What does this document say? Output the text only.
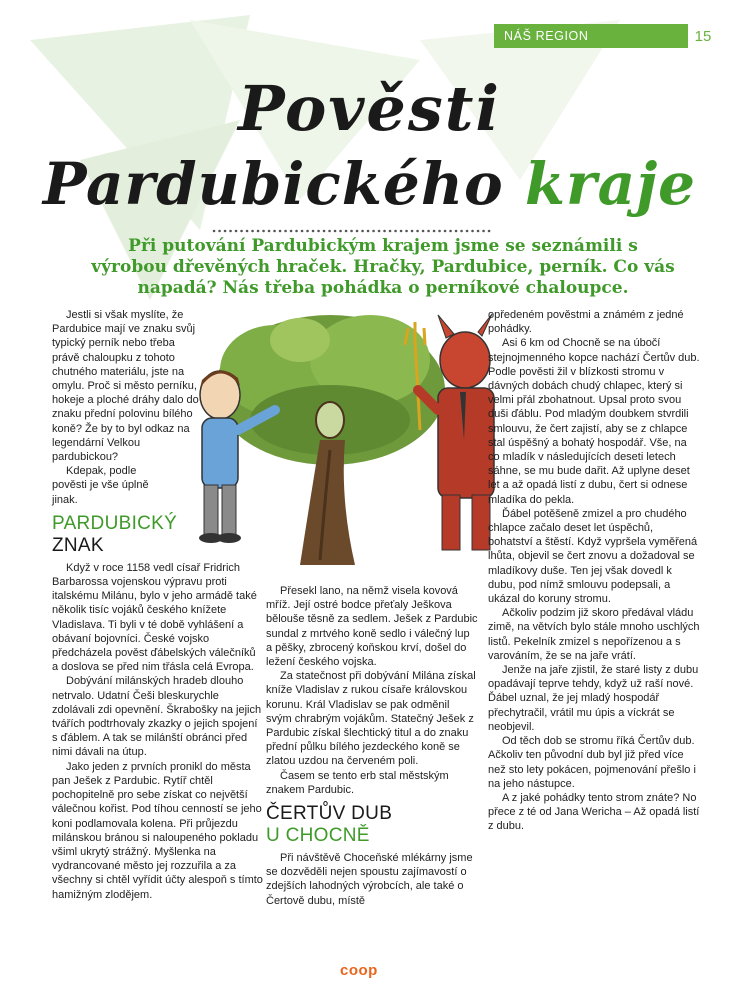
NÁŠ REGION	15
Pověsti
Pardubického kraje
Při putování Pardubickým krajem jsme se seznámili s výrobou dřevěných hraček. Hračky, Pardubice, perník. Co vás napadá? Nás třeba pohádka o perníkové chaloupce.

Jestli si však myslíte, že Pardubice mají ve znaku svůj typický perník nebo třeba právě chaloupku z tohoto chutného materiálu, jste na omylu. Proč si město perníku, hokeje a ploché dráhy dalo do znaku přední polovinu bílého koně? Že by to byl odkaz na legendární Velkou pardubickou?

Kdepak, podle pověsti je vše úplně jinak.

PARDUBICKÝ
ZNAK

Když v roce 1158 vedl císař Fridrich Barbarossa vojenskou výpravu proti italskému Milánu, bylo v jeho armádě také několik tisíc vojáků českého knížete Vladislava. Ti byli v té době vyhlášení a obávaní bojovníci. České vojsko předcházela pověst ďábelských válečníků a doslova se před nim třásla celá Evropa.

Dobývání milánských hradeb dlouho netrvalo. Udatní Češi bleskurychle zdolávali zdi opevnění. Škrabošky na jejich tvářích podtrhovaly zkazky o jejich spojení s ďáblem. A tak se milánští obránci před nimi dávali na útup.

Jako jeden z prvních pronikl do města pan Ješek z Pardubic. Rytíř chtěl pochopitelně pro sebe získat co největší válečnou kořist. Pod tíhou cenností se jeho koni podlamovala kolena. Při průjezdu milánskou bránou si naloupeného pokladu všiml ukrytý strážný. Myšlenka na vydrancované město jej rozzuřila a za všechny si chtěl vyřídit účty alespoň s tímto hamižným zlodějem.

Přesekl lano, na němž visela kovová mříž. Její ostré bodce přeťaly Ješkova běloušе těsně za sedlem. Ješek z Pardubic sundal z mrtvého koně sedlo i válečný lup a pěšky, zbrocený koňskou krví, došel do ležení českého vojska.

Za statečnost při dobývání Milána získal kníže Vladislav z rukou císaře královskou korunu. Král Vladislav se pak odměnil svým chrabrým vojákům. Statečný Ješek z Pardubic získal šlechtický titul a do znaku přední půlku bílého jezdeckého koně se zlatou uzdou na červeném poli.

Časem se tento erb stal městským znakem Pardubic.

ČERTŮV DUB
U CHOCNĚ

Při návštěvě Choceňské mlékárny jsme se dozvěděli nejen spoustu zajímavostí o zdejších lahodných výrobcích, ale také o Čertově dubu, místě

opředeném pověstmi a známém z jedné pohádky.

Asi 6 km od Chocně se na úbočí stejnojmenného kopce nachází Čertův dub. Podle pověsti žil v blízkosti stromu v dávných dobách chudý chlapec, který si velmi přál zbohatnout. Upsal proto svou duši ďáblu. Pod mladým doubkem stvrdili smlouvu, že čert zajistí, aby se z chlapce stal úspěšný a bohatý hospodář. Vše, na co mladík v následujících deseti letech sáhne, se mu bude dařit. Až uplyne deset let a až opadá listí z dubu, čert si odnese mladíka do pekla.

Ďábel potěšeně zmizel a pro chudého chlapce začalo deset let úspěchů, bohatství a štěstí. Když vypršela vyměřená lhůta, objevil se čert znovu a dožadoval se mladíkovy duše. Ten jej však dovedl k dubu, pod nímž smlouvu podepsali, a ukázal do koruny stromu.

Ačkoliv podzim již skoro předával vládu zimě, na větvích bylo stále mnoho uschlých listů. Pekelník zmizel s nepořízenou a s varováním, že se na jaře vrátí.

Jenže na jaře zjistil, že staré listy z dubu opadávají teprve tehdy, když už raší nové. Ďábel uznal, že jej mladý hospodář přechytračil, vrátil mu úpis a víckrát se neobjevil.

Od těch dob se stromu říká Čertův dub. Ačkoliv ten původní dub byl již před více než sto lety pokácen, pojmenování přešlo i na jeho nástupce.

A z jaké pohádky tento strom znáte? No přece z té od Jana Wericha – Až opadá listí z dubu.

coop
